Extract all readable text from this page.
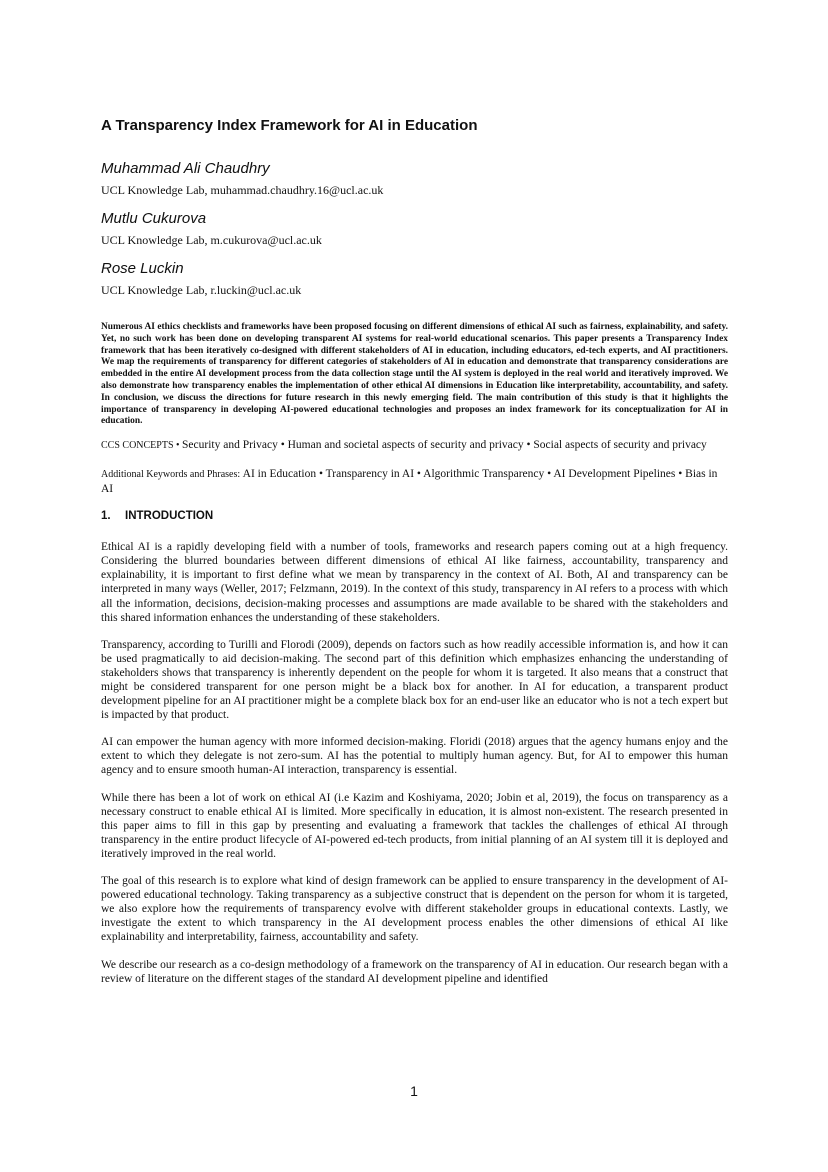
A Transparency Index Framework for AI in Education
Muhammad Ali Chaudhry
UCL Knowledge Lab, muhammad.chaudhry.16@ucl.ac.uk
Mutlu Cukurova
UCL Knowledge Lab, m.cukurova@ucl.ac.uk
Rose Luckin
UCL Knowledge Lab, r.luckin@ucl.ac.uk

Numerous AI ethics checklists and frameworks have been proposed focusing on different dimensions of ethical AI such as fairness, explainability, and safety. Yet, no such work has been done on developing transparent AI systems for real-world educational scenarios. This paper presents a Transparency Index framework that has been iteratively co-designed with different stakeholders of AI in education, including educators, ed-tech experts, and AI practitioners. We map the requirements of transparency for different categories of stakeholders of AI in education and demonstrate that transparency considerations are embedded in the entire AI development process from the data collection stage until the AI system is deployed in the real world and iteratively improved. We also demonstrate how transparency enables the implementation of other ethical AI dimensions in Education like interpretability, accountability, and safety. In conclusion, we discuss the directions for future research in this newly emerging field. The main contribution of this study is that it highlights the importance of transparency in developing AI-powered educational technologies and proposes an index framework for its conceptualization for AI in education.

CCS CONCEPTS • Security and Privacy • Human and societal aspects of security and privacy • Social aspects of security and privacy

Additional Keywords and Phrases: AI in Education • Transparency in AI • Algorithmic Transparency • AI Development Pipelines • Bias in AI

1. INTRODUCTION

Ethical AI is a rapidly developing field with a number of tools, frameworks and research papers coming out at a high frequency. Considering the blurred boundaries between different dimensions of ethical AI like fairness, accountability, transparency and explainability, it is important to first define what we mean by transparency in the context of AI. Both, AI and transparency can be interpreted in many ways (Weller, 2017; Felzmann, 2019). In the context of this study, transparency in AI refers to a process with which all the information, decisions, decision-making processes and assumptions are made available to be shared with the stakeholders and this shared information enhances the understanding of these stakeholders.

Transparency, according to Turilli and Florodi (2009), depends on factors such as how readily accessible information is, and how it can be used pragmatically to aid decision-making. The second part of this definition which emphasizes enhancing the understanding of stakeholders shows that transparency is inherently dependent on the people for whom it is targeted. It also means that a construct that might be considered transparent for one person might be a black box for another. In AI for education, a transparent product development pipeline for an AI practitioner might be a complete black box for an end-user like an educator who is not a tech expert but is impacted by that product.

AI can empower the human agency with more informed decision-making. Floridi (2018) argues that the agency humans enjoy and the extent to which they delegate is not zero-sum. AI has the potential to multiply human agency. But, for AI to empower this human agency and to ensure smooth human-AI interaction, transparency is essential.

While there has been a lot of work on ethical AI (i.e Kazim and Koshiyama, 2020; Jobin et al, 2019), the focus on transparency as a necessary construct to enable ethical AI is limited. More specifically in education, it is almost non-existent. The research presented in this paper aims to fill in this gap by presenting and evaluating a framework that tackles the challenges of ethical AI through transparency in the entire product lifecycle of AI-powered ed-tech products, from initial planning of an AI system till it is deployed and iteratively improved in the real world.

The goal of this research is to explore what kind of design framework can be applied to ensure transparency in the development of AI-powered educational technology. Taking transparency as a subjective construct that is dependent on the person for whom it is targeted, we also explore how the requirements of transparency evolve with different stakeholder groups in educational contexts. Lastly, we investigate the extent to which transparency in the AI development process enables the other dimensions of ethical AI like explainability and interpretability, fairness, accountability and safety.

We describe our research as a co-design methodology of a framework on the transparency of AI in education. Our research began with a review of literature on the different stages of the standard AI development pipeline and identified

1
